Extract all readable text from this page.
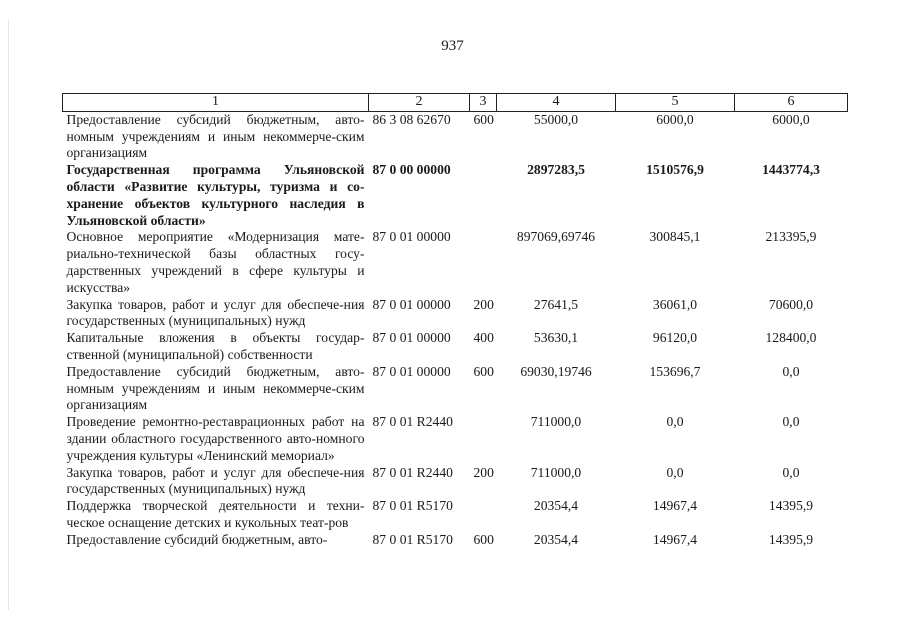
937
1	2	3	4	5	6
Предоставление субсидий бюджетным, авто-номным учреждениям и иным некоммерче-ским организациям	86 3 08 62670	600	55000,0	6000,0	6000,0
Государственная программа Ульяновской области «Развитие культуры, туризма и со-хранение объектов культурного наследия в Ульяновской области»	87 0 00 00000		2897283,5	1510576,9	1443774,3
Основное мероприятие «Модернизация мате-риально-технической базы областных госу-дарственных учреждений в сфере культуры и искусства»	87 0 01 00000		897069,69746	300845,1	213395,9
Закупка товаров, работ и услуг для обеспече-ния государственных (муниципальных) нужд	87 0 01 00000	200	27641,5	36061,0	70600,0
Капитальные вложения в объекты государ-ственной (муниципальной) собственности	87 0 01 00000	400	53630,1	96120,0	128400,0
Предоставление субсидий бюджетным, авто-номным учреждениям и иным некоммерче-ским организациям	87 0 01 00000	600	69030,19746	153696,7	0,0
Проведение ремонтно-реставрационных работ на здании областного государственного авто-номного учреждения культуры «Ленинский мемориал»	87 0 01 R2440		711000,0	0,0	0,0
Закупка товаров, работ и услуг для обеспече-ния государственных (муниципальных) нужд	87 0 01 R2440	200	711000,0	0,0	0,0
Поддержка творческой деятельности и техни-ческое оснащение детских и кукольных теат-ров	87 0 01 R5170		20354,4	14967,4	14395,9
Предоставление субсидий бюджетным, авто-	87 0 01 R5170	600	20354,4	14967,4	14395,9
